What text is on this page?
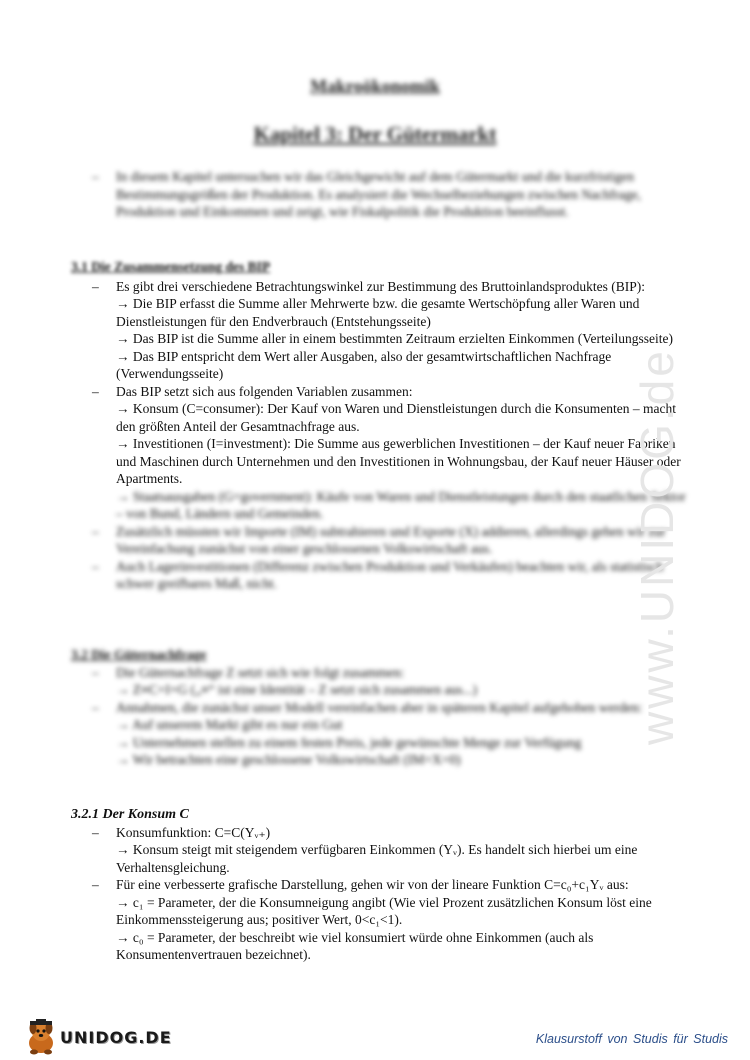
Makroökonomik
Kapitel 3: Der Gütermarkt
– In diesem Kapitel untersuchen wir das Gleichgewicht auf dem Gütermarkt und die kurzfristigen Bestimmungsgrößen der Produktion. Es analysiert die Wechselbeziehungen zwischen Nachfrage, Produktion und Einkommen und zeigt, wie Fiskalpolitik die Produktion beeinflusst.
3.1 Die Zusammensetzung des BIP
– Es gibt drei verschiedene Betrachtungswinkel zur Bestimmung des Bruttoinlandsproduktes (BIP):
→ Die BIP erfasst die Summe aller Mehrwerte bzw. die gesamte Wertschöpfung aller Waren und Dienstleistungen für den Endverbrauch (Entstehungsseite)
→ Das BIP ist die Summe aller in einem bestimmten Zeitraum erzielten Einkommen (Verteilungsseite)
→ Das BIP entspricht dem Wert aller Ausgaben, also der gesamtwirtschaftlichen Nachfrage (Verwendungsseite)
– Das BIP setzt sich aus folgenden Variablen zusammen:
→ Konsum (C=consumer): Der Kauf von Waren und Dienstleistungen durch die Konsumenten – macht den größten Anteil der Gesamtnachfrage aus.
→ Investitionen (I=investment): Die Summe aus gewerblichen Investitionen – der Kauf neuer Fabriken und Maschinen durch Unternehmen und den Investitionen in Wohnungsbau, der Kauf neuer Häuser oder Apartments.
→ Staatsausgaben (G=government): Käufe von Waren und Dienstleistungen durch den staatlichen Sektor – von Bund, Ländern und Gemeinden.
– Zusätzlich müssten wir Importe (IM) subtrahieren und Exporte (X) addieren, allerdings gehen wir zur Vereinfachung zunächst von einer geschlossenen Volkswirtschaft aus.
– Auch Lagerinvestitionen (Differenz zwischen Produktion und Verkäufen) beachten wir, als statistisch schwer greifbares Maß, nicht.
3.2 Die Güternachfrage
– Die Güternachfrage Z setzt sich wie folgt zusammen:
→ Z≡C+I+G („≡“ ist eine Identität – Z setzt sich zusammen aus...)
– Annahmen, die zunächst unser Modell vereinfachen aber in späteren Kapitel aufgehoben werden:
→ Auf unserem Markt gibt es nur ein Gut
→ Unternehmen stellen zu einem festen Preis, jede gewünschte Menge zur Verfügung
→ Wir betrachten eine geschlossene Volkswirtschaft (IM=X=0)
3.2.1 Der Konsum C
– Konsumfunktion: C=C(Yᵥ₊)
→ Konsum steigt mit steigendem verfügbaren Einkommen (Yᵥ). Es handelt sich hierbei um eine Verhaltensgleichung.
– Für eine verbesserte grafische Darstellung, gehen wir von der lineare Funktion C=c₀+c₁Yᵥ aus:
→ c₁ = Parameter, der die Konsumneigung angibt (Wie viel Prozent zusätzlichen Konsum löst eine Einkommenssteigerung aus; positiver Wert, 0<c₁<1).
→ c₀ = Parameter, der beschreibt wie viel konsumiert würde ohne Einkommen (auch als Konsumentenvertrauen bezeichnet).
www.UNIDOG.de
UNIDOG.DE	Klausurstoff von Studis für Studis
